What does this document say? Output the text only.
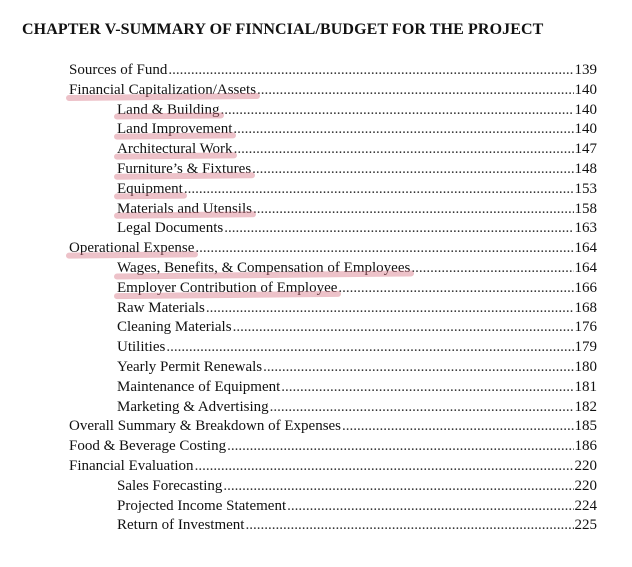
CHAPTER V-SUMMARY OF FINNCIAL/BUDGET FOR THE PROJECT
Sources of Fund .....	139
Financial Capitalization/Assets .....	140
Land & Building .....	140
Land Improvement .....	140
Architectural Work .....	147
Furniture’s & Fixtures .....	148
Equipment .....	153
Materials and Utensils .....	158
Legal Documents .....	163
Operational Expense .....	164
Wages, Benefits, & Compensation of Employees .....	164
Employer Contribution of Employee .....	166
Raw Materials .....	168
Cleaning Materials .....	176
Utilities .....	179
Yearly Permit Renewals .....	180
Maintenance of Equipment .....	181
Marketing & Advertising .....	182
Overall Summary & Breakdown of Expenses .....	185
Food & Beverage Costing .....	186
Financial Evaluation .....	220
Sales Forecasting .....	220
Projected Income Statement .....	224
Return of Investment .....	225
